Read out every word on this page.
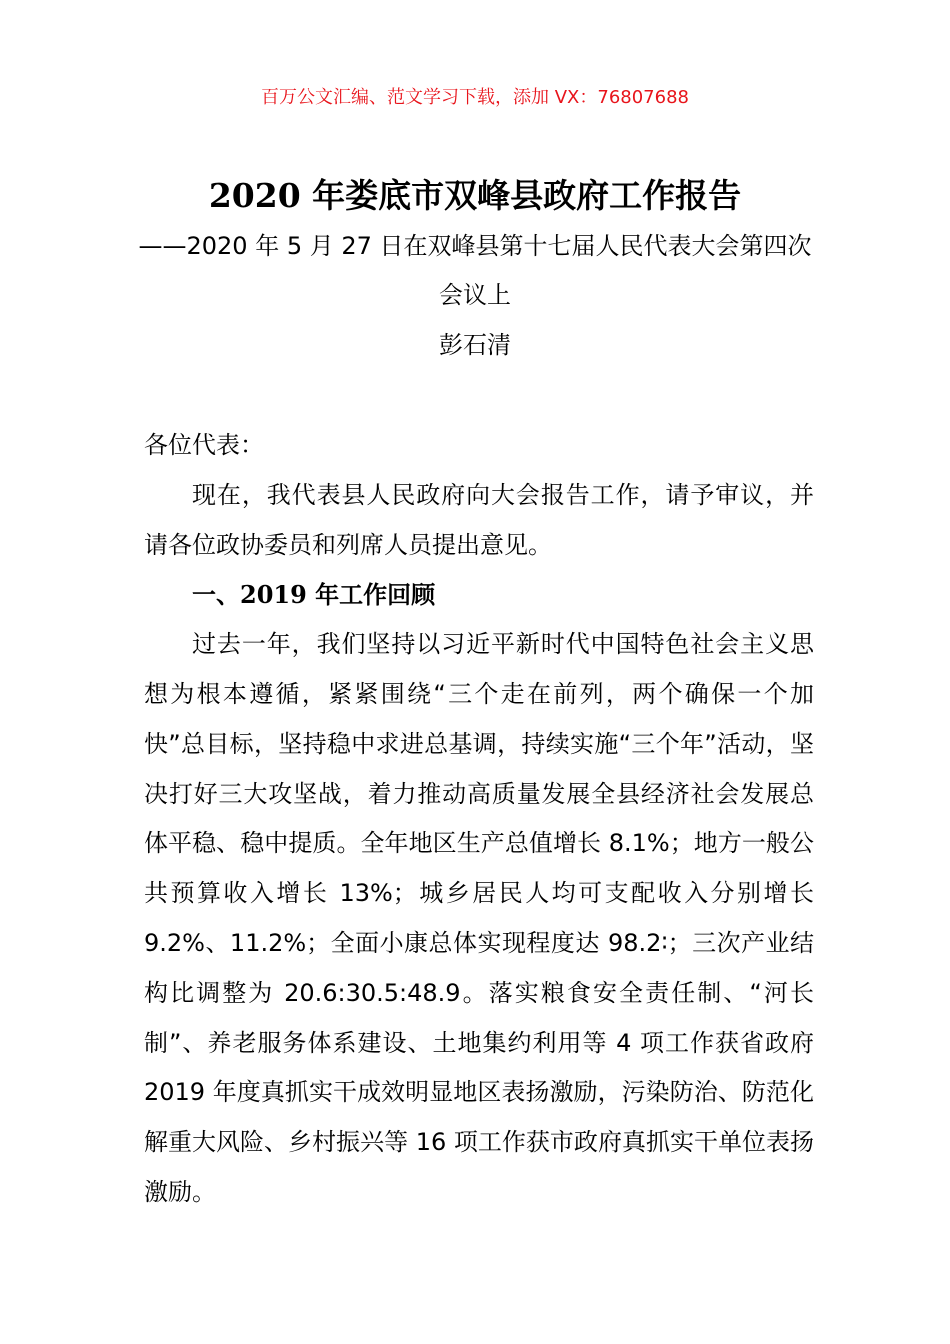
百万公文汇编、范文学习下载，添加 VX：76807688
2020 年娄底市双峰县政府工作报告
——2020 年 5 月 27 日在双峰县第十七届人民代表大会第四次会议上
彭石清

各位代表：

现在，我代表县人民政府向大会报告工作，请予审议，并请各位政协委员和列席人员提出意见。

一、2019 年工作回顾

过去一年，我们坚持以习近平新时代中国特色社会主义思想为根本遵循，紧紧围绕“三个走在前列，两个确保一个加快”总目标，坚持稳中求进总基调，持续实施“三个年”活动，坚决打好三大攻坚战，着力推动高质量发展全县经济社会发展总体平稳、稳中提质。全年地区生产总值增长 8.1%；地方一般公共预算收入增长 13%；城乡居民人均可支配收入分别增长 9.2%、11.2%；全面小康总体实现程度达 98.2∶；三次产业结构比调整为 20.6:30.5:48.9。落实粮食安全责任制、“河长制”、养老服务体系建设、土地集约利用等 4 项工作获省政府 2019 年度真抓实干成效明显地区表扬激励，污染防治、防范化解重大风险、乡村振兴等 16 项工作获市政府真抓实干单位表扬激励。
